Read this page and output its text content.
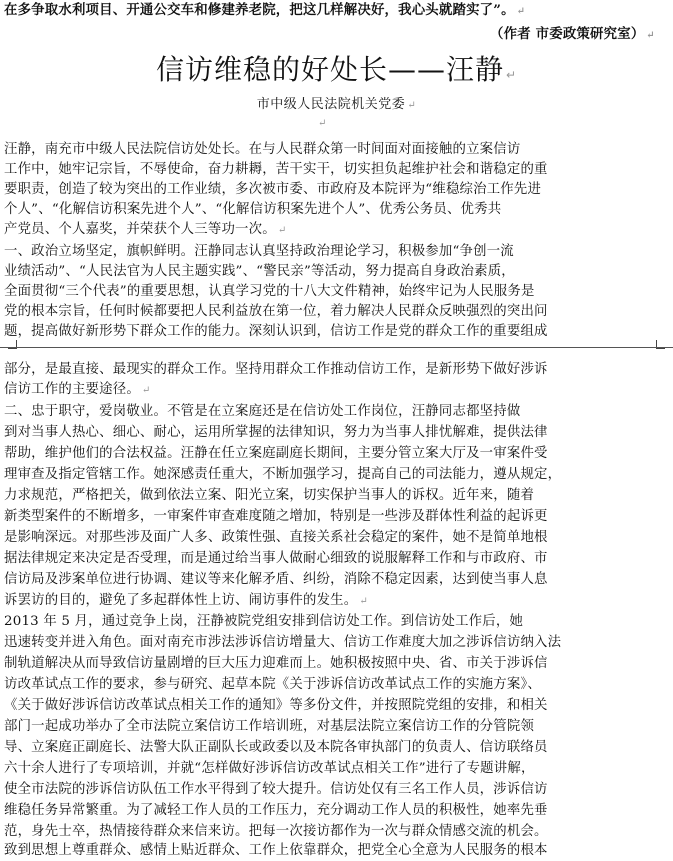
在多争取水利项目、开通公交车和修建养老院，把这几样解决好，我心头就踏实了”。 ↵
（作者 市委政策研究室） ↵
信访维稳的好处长——汪静 ↵
市中级人民法院机关党委 ↵
↵
汪静，南充市中级人民法院信访处处长。在与人民群众第一时间面对面接触的立案信访
工作中，她牢记宗旨，不辱使命，奋力耕耨，苦干实干，切实担负起维护社会和谐稳定的重
要职责，创造了较为突出的工作业绩，多次被市委、市政府及本院评为“维稳综治工作先进
个人”、“化解信访积案先进个人”、“化解信访积案先进个人”、优秀公务员、优秀共
产党员、个人嘉奖，并荣获个人三等功一次。 ↵
一、政治立场坚定，旗帜鲜明。汪静同志认真坚持政治理论学习，积极参加“争创一流
业绩活动”、“人民法官为人民主题实践”、“警民亲”等活动，努力提高自身政治素质，
全面贯彻“三个代表”的重要思想，认真学习党的十八大文件精神，始终牢记为人民服务是
党的根本宗旨，任何时候都要把人民利益放在第一位，着力解决人民群众反映强烈的突出问
题，提高做好新形势下群众工作的能力。深刻认识到，信访工作是党的群众工作的重要组成
部分，是最直接、最现实的群众工作。坚持用群众工作推动信访工作，是新形势下做好涉诉
信访工作的主要途径。 ↵
二、忠于职守，爱岗敬业。不管是在立案庭还是在信访处工作岗位，汪静同志都坚持做
到对当事人热心、细心、耐心，运用所掌握的法律知识，努力为当事人排忧解难，提供法律
帮助，维护他们的合法权益。汪静在任立案庭副庭长期间，主要分管立案大厅及一审案件受
理审查及指定管辖工作。她深感责任重大，不断加强学习，提高自己的司法能力，遵从规定，
力求规范，严格把关，做到依法立案、阳光立案，切实保护当事人的诉权。近年来，随着
新类型案件的不断增多，一审案件审查难度随之增加，特别是一些涉及群体性利益的起诉更
是影响深远。对那些涉及面广人多、政策性强、直接关系社会稳定的案件，她不是简单地根
据法律规定来决定是否受理，而是通过给当事人做耐心细致的说服解释工作和与市政府、市
信访局及涉案单位进行协调、建议等来化解矛盾、纠纷，消除不稳定因素，达到使当事人息
诉罢访的目的，避免了多起群体性上访、闹访事件的发生。 ↵
2013 年 5 月，通过竞争上岗，汪静被院党组安排到信访处工作。到信访处工作后，她
迅速转变并进入角色。面对南充市涉法涉诉信访增量大、信访工作难度大加之涉诉信访纳入法
制轨道解决从而导致信访量剧增的巨大压力迎难而上。她积极按照中央、省、市关于涉诉信
访改革试点工作的要求，参与研究、起草本院《关于涉诉信访改革试点工作的实施方案》、
《关于做好涉诉信访改革试点相关工作的通知》等多份文件，并按照院党组的安排，和相关
部门一起成功举办了全市法院立案信访工作培训班，对基层法院立案信访工作的分管院领
导、立案庭正副庭长、法警大队正副队长或政委以及本院各审执部门的负责人、信访联络员
六十余人进行了专项培训，并就“怎样做好涉诉信访改革试点相关工作”进行了专题讲解，
使全市法院的涉诉信访队伍工作水平得到了较大提升。信访处仅有三名工作人员，涉诉信访
维稳任务异常繁重。为了减轻工作人员的工作压力，充分调动工作人员的积极性，她率先垂
范，身先士卒，热情接待群众来信来访。把每一次接访都作为一次与群众情感交流的机会。
致到思想上尊重群众、感情上贴近群众、工作上依靠群众，把党全心全意为人民服务的根本
